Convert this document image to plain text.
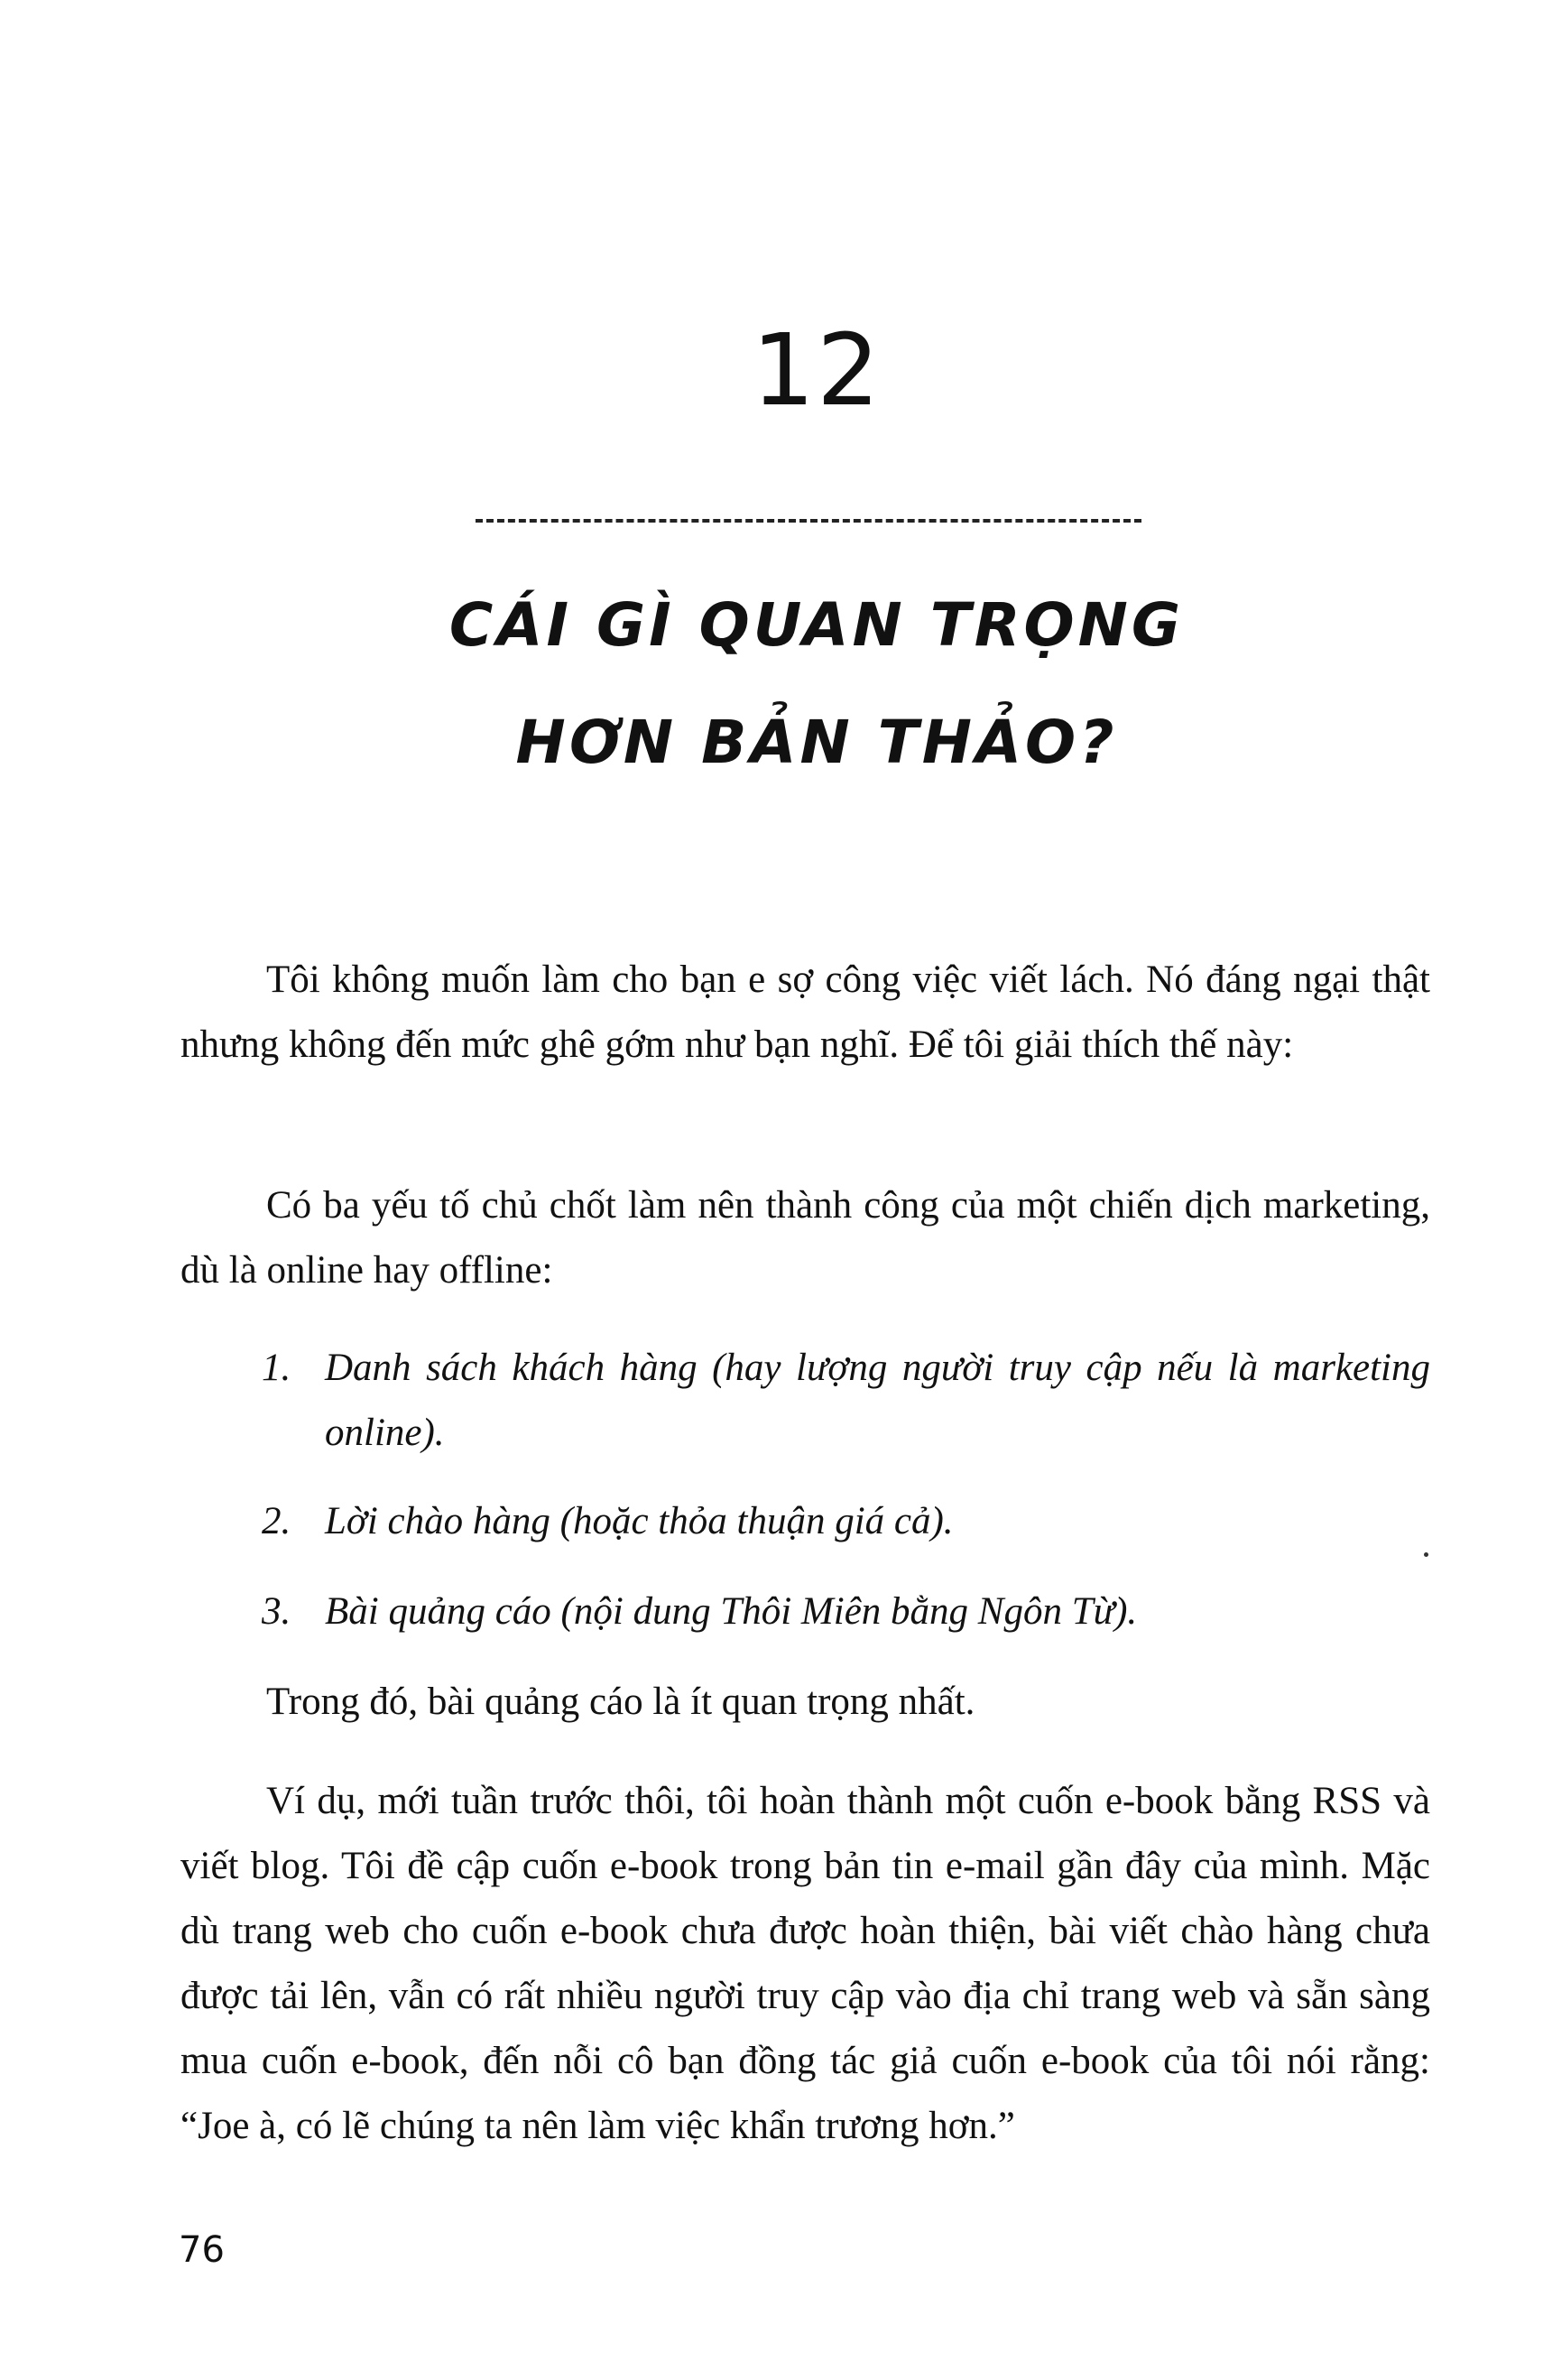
12
CÁI GÌ QUAN TRỌNG
HƠN BẢN THẢO?

Tôi không muốn làm cho bạn e sợ công việc viết lách. Nó đáng ngại thật nhưng không đến mức ghê gớm như bạn nghĩ. Để tôi giải thích thế này:

Có ba yếu tố chủ chốt làm nên thành công của một chiến dịch marketing, dù là online hay offline:

1. Danh sách khách hàng (hay lượng người truy cập nếu là marketing online).
2. Lời chào hàng (hoặc thỏa thuận giá cả).
3. Bài quảng cáo (nội dung Thôi Miên bằng Ngôn Từ).

Trong đó, bài quảng cáo là ít quan trọng nhất.

Ví dụ, mới tuần trước thôi, tôi hoàn thành một cuốn e-book bằng RSS và viết blog. Tôi đề cập cuốn e-book trong bản tin e-mail gần đây của mình. Mặc dù trang web cho cuốn e-book chưa được hoàn thiện, bài viết chào hàng chưa được tải lên, vẫn có rất nhiều người truy cập vào địa chỉ trang web và sẵn sàng mua cuốn e-book, đến nỗi cô bạn đồng tác giả cuốn e-book của tôi nói rằng: “Joe à, có lẽ chúng ta nên làm việc khẩn trương hơn.”

76
